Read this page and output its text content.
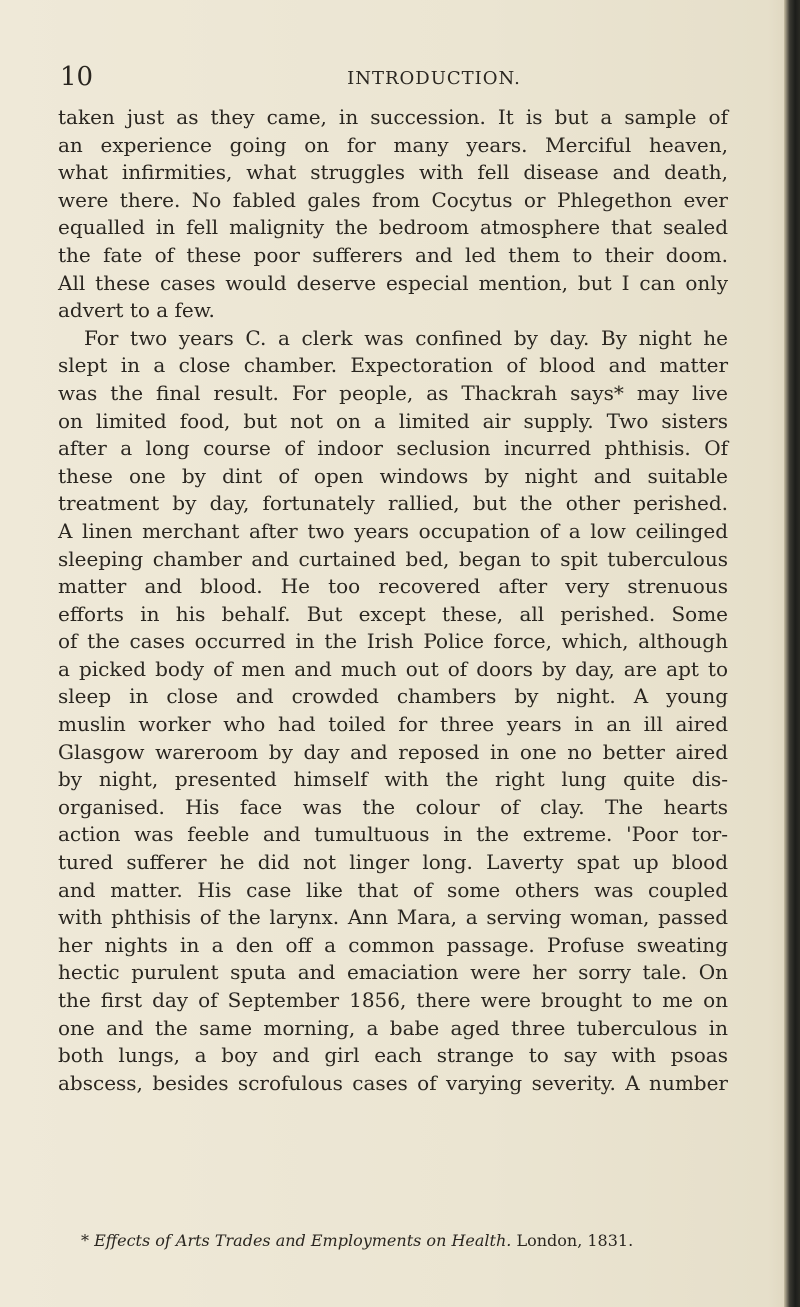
10	INTRODUCTION.
taken just as they came, in succession. It is but a sample of
an experience going on for many years. Merciful heaven,
what infirmities, what struggles with fell disease and death,
were there. No fabled gales from Cocytus or Phlegethon ever
equalled in fell malignity the bedroom atmosphere that sealed
the fate of these poor sufferers and led them to their doom.
All these cases would deserve especial mention, but I can only
advert to a few.
For two years C. a clerk was confined by day. By night he
slept in a close chamber. Expectoration of blood and matter
was the final result. For people, as Thackrah says* may live
on limited food, but not on a limited air supply. Two sisters
after a long course of indoor seclusion incurred phthisis. Of
these one by dint of open windows by night and suitable
treatment by day, fortunately rallied, but the other perished.
A linen merchant after two years occupation of a low ceilinged
sleeping chamber and curtained bed, began to spit tuberculous
matter and blood. He too recovered after very strenuous
efforts in his behalf. But except these, all perished. Some
of the cases occurred in the Irish Police force, which, although
a picked body of men and much out of doors by day, are apt to
sleep in close and crowded chambers by night. A young
muslin worker who had toiled for three years in an ill aired
Glasgow wareroom by day and reposed in one no better aired
by night, presented himself with the right lung quite dis-
organised. His face was the colour of clay. The hearts
action was feeble and tumultuous in the extreme. 'Poor tor-
tured sufferer he did not linger long. Laverty spat up blood
and matter. His case like that of some others was coupled
with phthisis of the larynx. Ann Mara, a serving woman, passed
her nights in a den off a common passage. Profuse sweating
hectic purulent sputa and emaciation were her sorry tale. On
the first day of September 1856, there were brought to me on
one and the same morning, a babe aged three tuberculous in
both lungs, a boy and girl each strange to say with psoas
abscess, besides scrofulous cases of varying severity. A number
* Effects of Arts Trades and Employments on Health. London, 1831.
